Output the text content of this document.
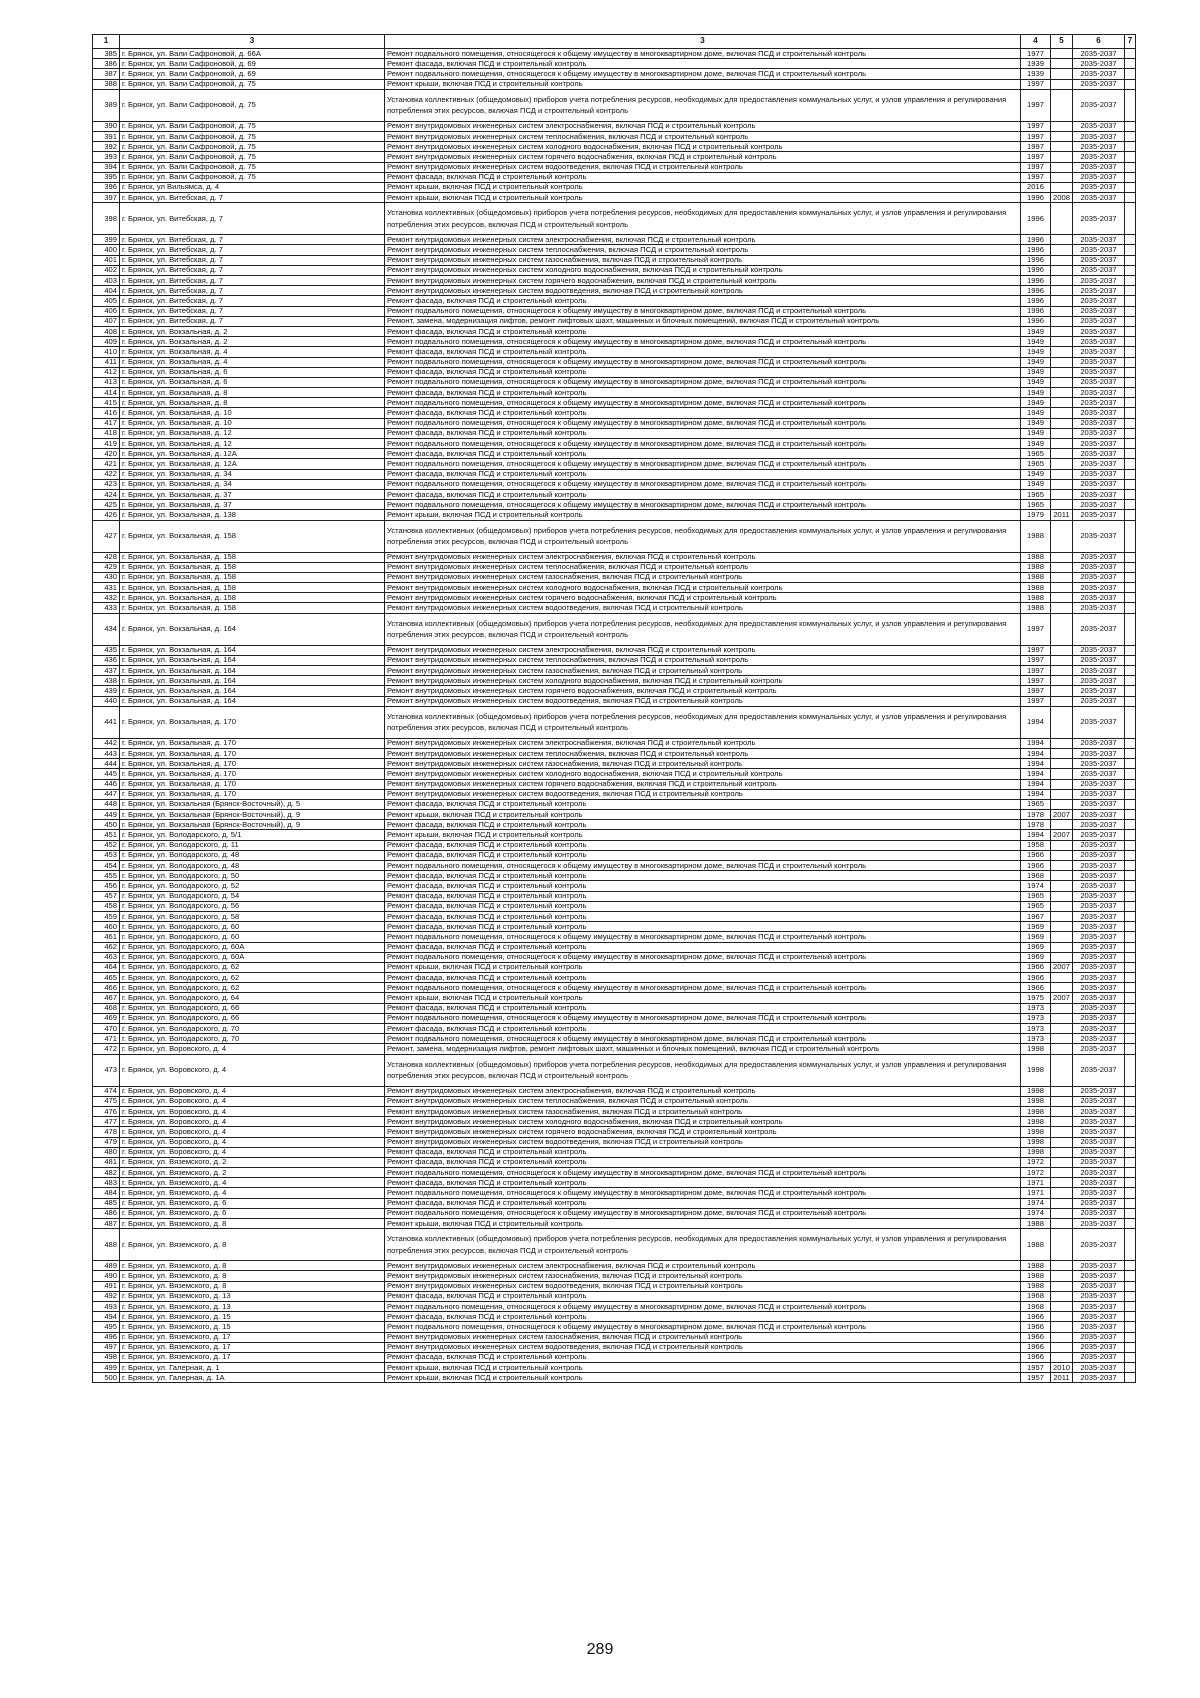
1	3	3	4	5	6	7
385	г. Брянск, ул. Вали Сафроновой, д. 66А	Ремонт подвального помещения, относящегося к общему имуществу в многоквартирном доме, включая ПСД и строительный контроль	1977		2035-2037	
386	г. Брянск, ул. Вали Сафроновой, д. 69	Ремонт фасада, включая ПСД и строительный контроль	1939		2035-2037	
387	г. Брянск, ул. Вали Сафроновой, д. 69	Ремонт подвального помещения, относящегося к общему имуществу в многоквартирном доме, включая ПСД и строительный контроль	1939		2035-2037	
388	г. Брянск, ул. Вали Сафроновой, д. 75	Ремонт крыши, включая ПСД и строительный контроль	1997		2035-2037	
389	г. Брянск, ул. Вали Сафроновой, д. 75	Установка коллективных (общедомовых) приборов учета потребления ресурсов, необходимых для предоставления коммунальных услуг, и узлов управления и регулирования потребления этих ресурсов, включая ПСД и строительный контроль	1997		2035-2037	
390	г. Брянск, ул. Вали Сафроновой, д. 75	Ремонт внутридомовых инженерных систем электроснабжения, включая ПСД и строительный контроль	1997		2035-2037	
391	г. Брянск, ул. Вали Сафроновой, д. 75	Ремонт внутридомовых инженерных систем теплоснабжения, включая ПСД и строительный контроль	1997		2035-2037	
392	г. Брянск, ул. Вали Сафроновой, д. 75	Ремонт внутридомовых инженерных систем холодного водоснабжения, включая ПСД и строительный контроль	1997		2035-2037	
393	г. Брянск, ул. Вали Сафроновой, д. 75	Ремонт внутридомовых инженерных систем горячего водоснабжения, включая ПСД и строительный контроль	1997		2035-2037	
394	г. Брянск, ул. Вали Сафроновой, д. 75	Ремонт внутридомовых инженерных систем водоотведения, включая ПСД и строительный контроль	1997		2035-2037	
395	г. Брянск, ул. Вали Сафроновой, д. 75	Ремонт фасада, включая ПСД и строительный контроль	1997		2035-2037	
396	г. Брянск, ул Вильямса, д. 4	Ремонт крыши, включая ПСД и строительный контроль	2016		2035-2037	
397	г. Брянск, ул. Витебская, д. 7	Ремонт крыши, включая ПСД и строительный контроль	1996	2008	2035-2037	
398	г. Брянск, ул. Витебская, д. 7	Установка коллективных (общедомовых) приборов учета потребления ресурсов, необходимых для предоставления коммунальных услуг, и узлов управления и регулирования потребления этих ресурсов, включая ПСД и строительный контроль	1996		2035-2037	
399	г. Брянск, ул. Витебская, д. 7	Ремонт внутридомовых инженерных систем электроснабжения, включая ПСД и строительный контроль	1996		2035-2037	
400	г. Брянск, ул. Витебская, д. 7	Ремонт внутридомовых инженерных систем теплоснабжения, включая ПСД и строительный контроль	1996		2035-2037	
401	г. Брянск, ул. Витебская, д. 7	Ремонт внутридомовых инженерных систем газоснабжения, включая ПСД и строительный контроль	1996		2035-2037	
402	г. Брянск, ул. Витебская, д. 7	Ремонт внутридомовых инженерных систем холодного водоснабжения, включая ПСД и строительный контроль	1996		2035-2037	
403	г. Брянск, ул. Витебская, д. 7	Ремонт внутридомовых инженерных систем горячего водоснабжения, включая ПСД и строительный контроль	1996		2035-2037	
404	г. Брянск, ул. Витебская, д. 7	Ремонт внутридомовых инженерных систем водоотведения, включая ПСД и строительный контроль	1996		2035-2037	
405	г. Брянск, ул. Витебская, д. 7	Ремонт фасада, включая ПСД и строительный контроль	1996		2035-2037	
406	г. Брянск, ул. Витебская, д. 7	Ремонт подвального помещения, относящегося к общему имуществу в многоквартирном доме, включая ПСД и строительный контроль	1996		2035-2037	
407	г. Брянск, ул. Витебская, д. 7	Ремонт, замена, модернизация лифтов, ремонт лифтовых шахт, машинных и блочных помещений, включая ПСД и строительный контроль	1996		2035-2037	
408	г. Брянск, ул. Вокзальная, д. 2	Ремонт фасада, включая ПСД и строительный контроль	1949		2035-2037	
409	г. Брянск, ул. Вокзальная, д. 2	Ремонт подвального помещения, относящегося к общему имуществу в многоквартирном доме, включая ПСД и строительный контроль	1949		2035-2037	
410	г. Брянск, ул. Вокзальная, д. 4	Ремонт фасада, включая ПСД и строительный контроль	1949		2035-2037	
411	г. Брянск, ул. Вокзальная, д. 4	Ремонт подвального помещения, относящегося к общему имуществу в многоквартирном доме, включая ПСД и строительный контроль	1949		2035-2037	
412	г. Брянск, ул. Вокзальная, д. 6	Ремонт фасада, включая ПСД и строительный контроль	1949		2035-2037	
413	г. Брянск, ул. Вокзальная, д. 6	Ремонт подвального помещения, относящегося к общему имуществу в многоквартирном доме, включая ПСД и строительный контроль	1949		2035-2037	
414	г. Брянск, ул. Вокзальная, д. 8	Ремонт фасада, включая ПСД и строительный контроль	1949		2035-2037	
415	г. Брянск, ул. Вокзальная, д. 8	Ремонт подвального помещения, относящегося к общему имуществу в многоквартирном доме, включая ПСД и строительный контроль	1949		2035-2037	
416	г. Брянск, ул. Вокзальная, д. 10	Ремонт фасада, включая ПСД и строительный контроль	1949		2035-2037	
417	г. Брянск, ул. Вокзальная, д. 10	Ремонт подвального помещения, относящегося к общему имуществу в многоквартирном доме, включая ПСД и строительный контроль	1949		2035-2037	
418	г. Брянск, ул. Вокзальная, д. 12	Ремонт фасада, включая ПСД и строительный контроль	1949		2035-2037	
419	г. Брянск, ул. Вокзальная, д. 12	Ремонт подвального помещения, относящегося к общему имуществу в многоквартирном доме, включая ПСД и строительный контроль	1949		2035-2037	
420	г. Брянск, ул. Вокзальная, д. 12А	Ремонт фасада, включая ПСД и строительный контроль	1965		2035-2037	
421	г. Брянск, ул. Вокзальная, д. 12А	Ремонт подвального помещения, относящегося к общему имуществу в многоквартирном доме, включая ПСД и строительный контроль	1965		2035-2037	
422	г. Брянск, ул. Вокзальная, д. 34	Ремонт фасада, включая ПСД и строительный контроль	1949		2035-2037	
423	г. Брянск, ул. Вокзальная, д. 34	Ремонт подвального помещения, относящегося к общему имуществу в многоквартирном доме, включая ПСД и строительный контроль	1949		2035-2037	
424	г. Брянск, ул. Вокзальная, д. 37	Ремонт фасада, включая ПСД и строительный контроль	1965		2035-2037	
425	г. Брянск, ул. Вокзальная, д. 37	Ремонт подвального помещения, относящегося к общему имуществу в многоквартирном доме, включая ПСД и строительный контроль	1965		2035-2037	
426	г. Брянск, ул. Вокзальная, д. 138	Ремонт крыши, включая ПСД и строительный контроль	1979	2011	2035-2037	
427	г. Брянск, ул. Вокзальная, д. 158	Установка коллективных (общедомовых) приборов учета потребления ресурсов, необходимых для предоставления коммунальных услуг, и узлов управления и регулирования потребления этих ресурсов, включая ПСД и строительный контроль	1988		2035-2037	
428	г. Брянск, ул. Вокзальная, д. 158	Ремонт внутридомовых инженерных систем электроснабжения, включая ПСД и строительный контроль	1988		2035-2037	
429	г. Брянск, ул. Вокзальная, д. 158	Ремонт внутридомовых инженерных систем теплоснабжения, включая ПСД и строительный контроль	1988		2035-2037	
430	г. Брянск, ул. Вокзальная, д. 158	Ремонт внутридомовых инженерных систем газоснабжения, включая ПСД и строительный контроль	1988		2035-2037	
431	г. Брянск, ул. Вокзальная, д. 158	Ремонт внутридомовых инженерных систем холодного водоснабжения, включая ПСД и строительный контроль	1988		2035-2037	
432	г. Брянск, ул. Вокзальная, д. 158	Ремонт внутридомовых инженерных систем горячего водоснабжения, включая ПСД и строительный контроль	1988		2035-2037	
433	г. Брянск, ул. Вокзальная, д. 158	Ремонт внутридомовых инженерных систем водоотведения, включая ПСД и строительный контроль	1988		2035-2037	
434	г. Брянск, ул. Вокзальная, д. 164	Установка коллективных (общедомовых) приборов учета потребления ресурсов, необходимых для предоставления коммунальных услуг, и узлов управления и регулирования потребления этих ресурсов, включая ПСД и строительный контроль	1997		2035-2037	
435	г. Брянск, ул. Вокзальная, д. 164	Ремонт внутридомовых инженерных систем электроснабжения, включая ПСД и строительный контроль	1997		2035-2037	
436	г. Брянск, ул. Вокзальная, д. 164	Ремонт внутридомовых инженерных систем теплоснабжения, включая ПСД и строительный контроль	1997		2035-2037	
437	г. Брянск, ул. Вокзальная, д. 164	Ремонт внутридомовых инженерных систем газоснабжения, включая ПСД и строительный контроль	1997		2035-2037	
438	г. Брянск, ул. Вокзальная, д. 164	Ремонт внутридомовых инженерных систем холодного водоснабжения, включая ПСД и строительный контроль	1997		2035-2037	
439	г. Брянск, ул. Вокзальная, д. 164	Ремонт внутридомовых инженерных систем горячего водоснабжения, включая ПСД и строительный контроль	1997		2035-2037	
440	г. Брянск, ул. Вокзальная, д. 164	Ремонт внутридомовых инженерных систем водоотведения, включая ПСД и строительный контроль	1997		2035-2037	
441	г. Брянск, ул. Вокзальная, д. 170	Установка коллективных (общедомовых) приборов учета потребления ресурсов, необходимых для предоставления коммунальных услуг, и узлов управления и регулирования потребления этих ресурсов, включая ПСД и строительный контроль	1994		2035-2037	
442	г. Брянск, ул. Вокзальная, д. 170	Ремонт внутридомовых инженерных систем электроснабжения, включая ПСД и строительный контроль	1994		2035-2037	
443	г. Брянск, ул. Вокзальная, д. 170	Ремонт внутридомовых инженерных систем теплоснабжения, включая ПСД и строительный контроль	1994		2035-2037	
444	г. Брянск, ул. Вокзальная, д. 170	Ремонт внутридомовых инженерных систем газоснабжения, включая ПСД и строительный контроль	1994		2035-2037	
445	г. Брянск, ул. Вокзальная, д. 170	Ремонт внутридомовых инженерных систем холодного водоснабжения, включая ПСД и строительный контроль	1994		2035-2037	
446	г. Брянск, ул. Вокзальная, д. 170	Ремонт внутридомовых инженерных систем горячего водоснабжения, включая ПСД и строительный контроль	1994		2035-2037	
447	г. Брянск, ул. Вокзальная, д. 170	Ремонт внутридомовых инженерных систем водоотведения, включая ПСД и строительный контроль	1994		2035-2037	
448	г. Брянск, ул. Вокзальная (Брянск-Восточный), д. 5	Ремонт фасада, включая ПСД и строительный контроль	1965		2035-2037	
449	г. Брянск, ул. Вокзальная (Брянск-Восточный), д. 9	Ремонт крыши, включая ПСД и строительный контроль	1978	2007	2035-2037	
450	г. Брянск, ул. Вокзальная (Брянск-Восточный), д. 9	Ремонт фасада, включая ПСД и строительный контроль	1978		2035-2037	
451	г. Брянск, ул. Володарского, д. 5/1	Ремонт крыши, включая ПСД и строительный контроль	1994	2007	2035-2037	
452	г. Брянск, ул. Володарского, д. 11	Ремонт фасада, включая ПСД и строительный контроль	1958		2035-2037	
453	г. Брянск, ул. Володарского, д. 48	Ремонт фасада, включая ПСД и строительный контроль	1966		2035-2037	
454	г. Брянск, ул. Володарского, д. 48	Ремонт подвального помещения, относящегося к общему имуществу в многоквартирном доме, включая ПСД и строительный контроль	1966		2035-2037	
455	г. Брянск, ул. Володарского, д. 50	Ремонт фасада, включая ПСД и строительный контроль	1968		2035-2037	
456	г. Брянск, ул. Володарского, д. 52	Ремонт фасада, включая ПСД и строительный контроль	1974		2035-2037	
457	г. Брянск, ул. Володарского, д. 54	Ремонт фасада, включая ПСД и строительный контроль	1965		2035-2037	
458	г. Брянск, ул. Володарского, д. 56	Ремонт фасада, включая ПСД и строительный контроль	1965		2035-2037	
459	г. Брянск, ул. Володарского, д. 58	Ремонт фасада, включая ПСД и строительный контроль	1967		2035-2037	
460	г. Брянск, ул. Володарского, д. 60	Ремонт фасада, включая ПСД и строительный контроль	1969		2035-2037	
461	г. Брянск, ул. Володарского, д. 60	Ремонт подвального помещения, относящегося к общему имуществу в многоквартирном доме, включая ПСД и строительный контроль	1969		2035-2037	
462	г. Брянск, ул. Володарского, д. 60А	Ремонт фасада, включая ПСД и строительный контроль	1969		2035-2037	
463	г. Брянск, ул. Володарского, д. 60А	Ремонт подвального помещения, относящегося к общему имуществу в многоквартирном доме, включая ПСД и строительный контроль	1969		2035-2037	
464	г. Брянск, ул. Володарского, д. 62	Ремонт крыши, включая ПСД и строительный контроль	1966	2007	2035-2037	
465	г. Брянск, ул. Володарского, д. 62	Ремонт фасада, включая ПСД и строительный контроль	1966		2035-2037	
466	г. Брянск, ул. Володарского, д. 62	Ремонт подвального помещения, относящегося к общему имуществу в многоквартирном доме, включая ПСД и строительный контроль	1966		2035-2037	
467	г. Брянск, ул. Володарского, д. 64	Ремонт крыши, включая ПСД и строительный контроль	1975	2007	2035-2037	
468	г. Брянск, ул. Володарского, д. 66	Ремонт фасада, включая ПСД и строительный контроль	1973		2035-2037	
469	г. Брянск, ул. Володарского, д. 66	Ремонт подвального помещения, относящегося к общему имуществу в многоквартирном доме, включая ПСД и строительный контроль	1973		2035-2037	
470	г. Брянск, ул. Володарского, д. 70	Ремонт фасада, включая ПСД и строительный контроль	1973		2035-2037	
471	г. Брянск, ул. Володарского, д. 70	Ремонт подвального помещения, относящегося к общему имуществу в многоквартирном доме, включая ПСД и строительный контроль	1973		2035-2037	
472	г. Брянск, ул. Воровского, д. 4	Ремонт, замена, модернизация лифтов, ремонт лифтовых шахт, машинных и блочных помещений, включая ПСД и строительный контроль	1998		2035-2037	
473	г. Брянск, ул. Воровского, д. 4	Установка коллективных (общедомовых) приборов учета потребления ресурсов, необходимых для предоставления коммунальных услуг, и узлов управления и регулирования потребления этих ресурсов, включая ПСД и строительный контроль	1998		2035-2037	
474	г. Брянск, ул. Воровского, д. 4	Ремонт внутридомовых инженерных систем электроснабжения, включая ПСД и строительный контроль	1998		2035-2037	
475	г. Брянск, ул. Воровского, д. 4	Ремонт внутридомовых инженерных систем теплоснабжения, включая ПСД и строительный контроль	1998		2035-2037	
476	г. Брянск, ул. Воровского, д. 4	Ремонт внутридомовых инженерных систем газоснабжения, включая ПСД и строительный контроль	1998		2035-2037	
477	г. Брянск, ул. Воровского, д. 4	Ремонт внутридомовых инженерных систем холодного водоснабжения, включая ПСД и строительный контроль	1998		2035-2037	
478	г. Брянск, ул. Воровского, д. 4	Ремонт внутридомовых инженерных систем горячего водоснабжения, включая ПСД и строительный контроль	1998		2035-2037	
479	г. Брянск, ул. Воровского, д. 4	Ремонт внутридомовых инженерных систем водоотведения, включая ПСД и строительный контроль	1998		2035-2037	
480	г. Брянск, ул. Воровского, д. 4	Ремонт фасада, включая ПСД и строительный контроль	1998		2035-2037	
481	г. Брянск, ул. Вяземского, д. 2	Ремонт фасада, включая ПСД и строительный контроль	1972		2035-2037	
482	г. Брянск, ул. Вяземского, д. 2	Ремонт подвального помещения, относящегося к общему имуществу в многоквартирном доме, включая ПСД и строительный контроль	1972		2035-2037	
483	г. Брянск, ул. Вяземского, д. 4	Ремонт фасада, включая ПСД и строительный контроль	1971		2035-2037	
484	г. Брянск, ул. Вяземского, д. 4	Ремонт подвального помещения, относящегося к общему имуществу в многоквартирном доме, включая ПСД и строительный контроль	1971		2035-2037	
485	г. Брянск, ул. Вяземского, д. 6	Ремонт фасада, включая ПСД и строительный контроль	1974		2035-2037	
486	г. Брянск, ул. Вяземского, д. 6	Ремонт подвального помещения, относящегося к общему имуществу в многоквартирном доме, включая ПСД и строительный контроль	1974		2035-2037	
487	г. Брянск, ул. Вяземского, д. 8	Ремонт крыши, включая ПСД и строительный контроль	1988		2035-2037	
488	г. Брянск, ул. Вяземского, д. 8	Установка коллективных (общедомовых) приборов учета потребления ресурсов, необходимых для предоставления коммунальных услуг, и узлов управления и регулирования потребления этих ресурсов, включая ПСД и строительный контроль	1988		2035-2037	
489	г. Брянск, ул. Вяземского, д. 8	Ремонт внутридомовых инженерных систем электроснабжения, включая ПСД и строительный контроль	1988		2035-2037	
490	г. Брянск, ул. Вяземского, д. 8	Ремонт внутридомовых инженерных систем газоснабжения, включая ПСД и строительный контроль	1988		2035-2037	
491	г. Брянск, ул. Вяземского, д. 8	Ремонт внутридомовых инженерных систем водоотведения, включая ПСД и строительный контроль	1988		2035-2037	
492	г. Брянск, ул. Вяземского, д. 13	Ремонт фасада, включая ПСД и строительный контроль	1968		2035-2037	
493	г. Брянск, ул. Вяземского, д. 13	Ремонт подвального помещения, относящегося к общему имуществу в многоквартирном доме, включая ПСД и строительный контроль	1968		2035-2037	
494	г. Брянск, ул. Вяземского, д. 15	Ремонт фасада, включая ПСД и строительный контроль	1966		2035-2037	
495	г. Брянск, ул. Вяземского, д. 15	Ремонт подвального помещения, относящегося к общему имуществу в многоквартирном доме, включая ПСД и строительный контроль	1966		2035-2037	
496	г. Брянск, ул. Вяземского, д. 17	Ремонт внутридомовых инженерных систем газоснабжения, включая ПСД и строительный контроль	1966		2035-2037	
497	г. Брянск, ул. Вяземского, д. 17	Ремонт внутридомовых инженерных систем водоотведения, включая ПСД и строительный контроль	1966		2035-2037	
498	г. Брянск, ул. Вяземского, д. 17	Ремонт фасада, включая ПСД и строительный контроль	1966		2035-2037	
499	г. Брянск, ул. Галерная, д. 1	Ремонт крыши, включая ПСД и строительный контроль	1957	2010	2035-2037	
500	г. Брянск, ул. Галерная, д. 1А	Ремонт крыши, включая ПСД и строительный контроль	1957	2011	2035-2037	
289
